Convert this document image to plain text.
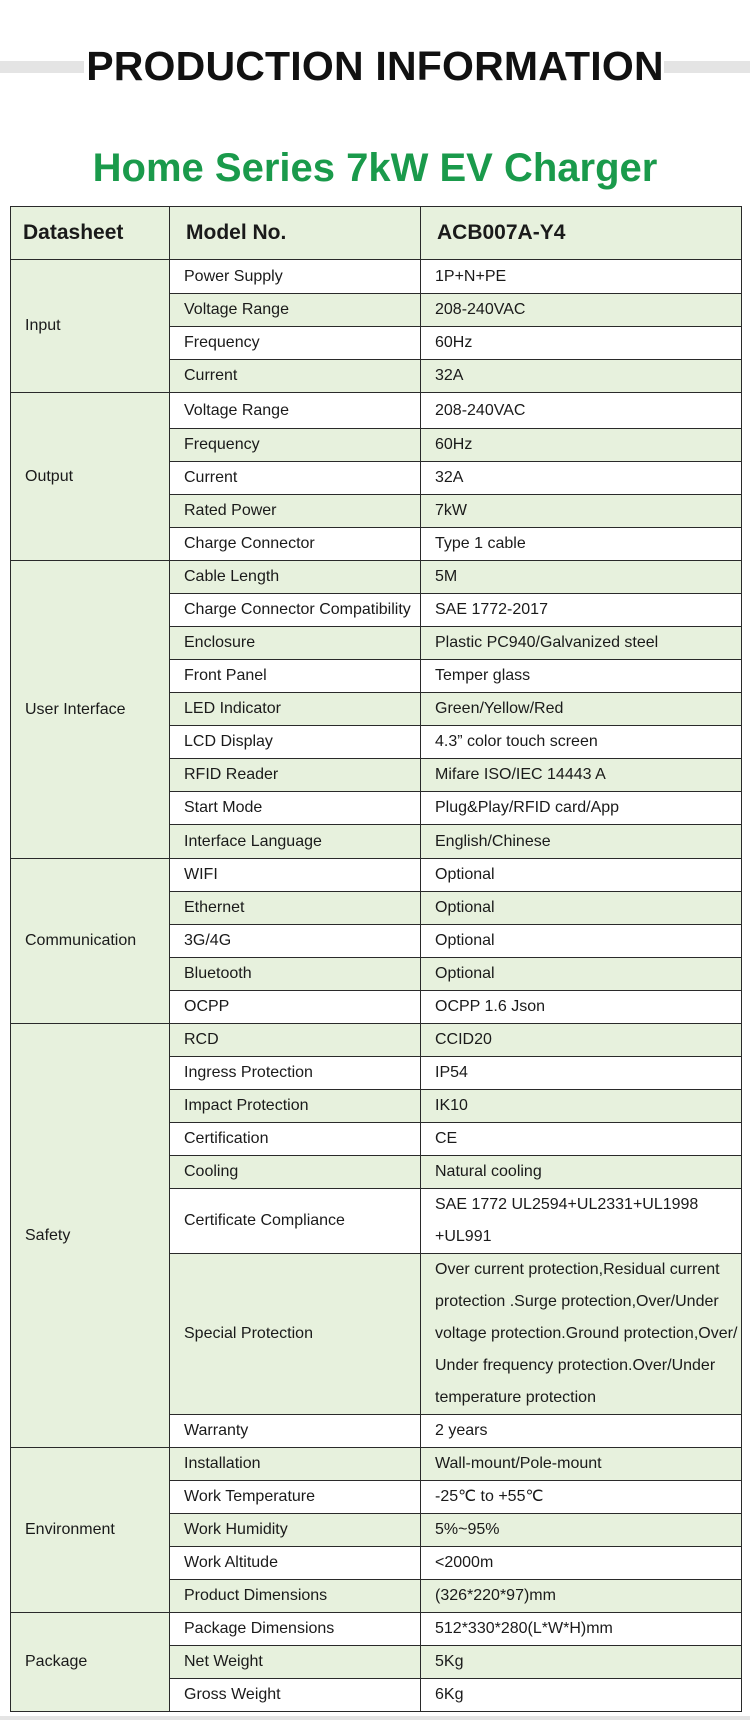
PRODUCTION INFORMATION
Home Series 7kW EV Charger
Datasheet	Model No.	ACB007A-Y4
Input	Power Supply	1P+N+PE
	Voltage Range	208-240VAC
	Frequency	60Hz
	Current	32A
Output	Voltage Range	208-240VAC
	Frequency	60Hz
	Current	32A
	Rated Power	7kW
	Charge Connector	Type 1 cable
User Interface	Cable Length	5M
	Charge Connector Compatibility	SAE 1772-2017
	Enclosure	Plastic PC940/Galvanized steel
	Front Panel	Temper glass
	LED Indicator	Green/Yellow/Red
	LCD Display	4.3” color touch screen
	RFID Reader	Mifare ISO/IEC 14443 A
	Start Mode	Plug&Play/RFID card/App
	Interface Language	English/Chinese
Communication	WIFI	Optional
	Ethernet	Optional
	3G/4G	Optional
	Bluetooth	Optional
	OCPP	OCPP 1.6 Json
Safety	RCD	CCID20
	Ingress Protection	IP54
	Impact Protection	IK10
	Certification	CE
	Cooling	Natural cooling
	Certificate Compliance	SAE 1772 UL2594+UL2331+UL1998 +UL991
	Special Protection	Over current protection,Residual current protection .Surge protection,Over/Under voltage protection.Ground protection,Over/ Under frequency protection.Over/Under temperature protection
	Warranty	2 years
Environment	Installation	Wall-mount/Pole-mount
	Work Temperature	-25℃ to +55℃
	Work Humidity	5%~95%
	Work Altitude	<2000m
	Product Dimensions	(326*220*97)mm
Package	Package Dimensions	512*330*280(L*W*H)mm
	Net Weight	5Kg
	Gross Weight	6Kg
